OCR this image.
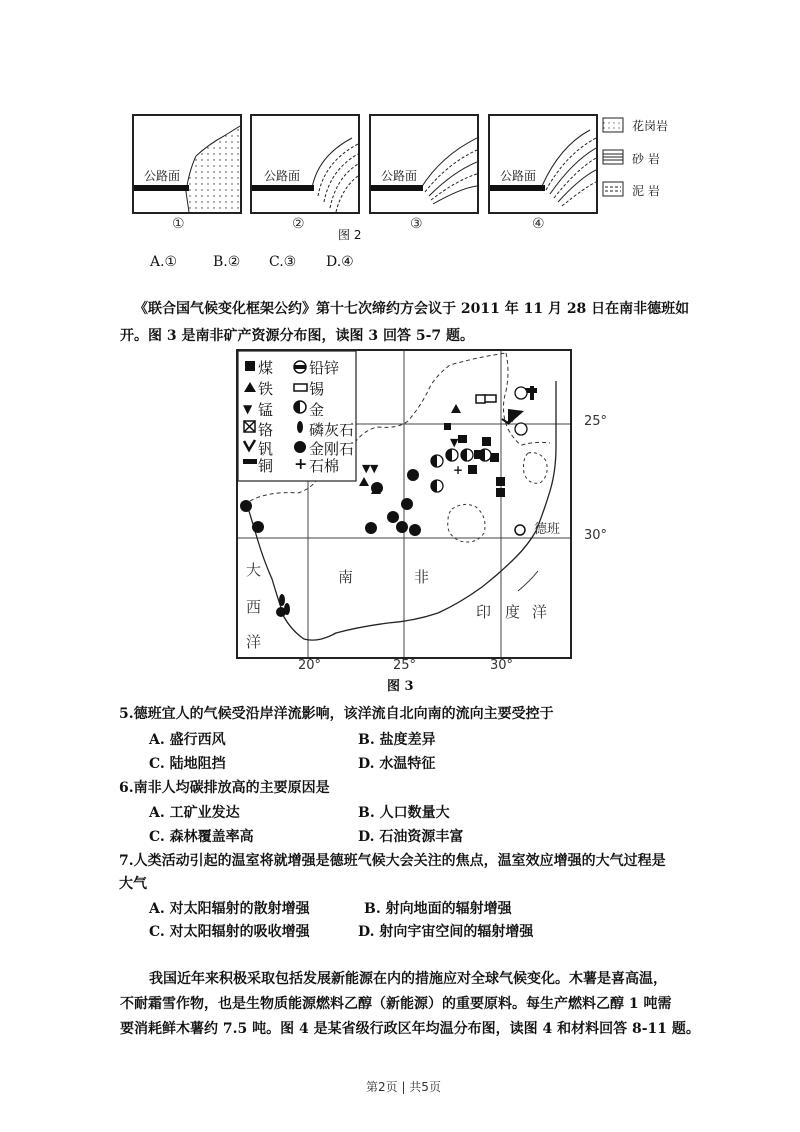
公路面	公路面	公路面	公路面
①	②	③	④
图 2
花岗岩
砂 岩
泥 岩
A.①	B.② C.③ D.④
《联合国气候变化框架公约》第十七次缔约方会议于 2011 年 11 月 28 日在南非德班如
开。图 3 是南非矿产资源分布图，读图 3 回答 5-7 题。
+
▼ ▼
▼
▼
▼
+
煤
铁
锰
铬
钒
铜
铅锌
锡
金
磷灰石
金刚石
石棉
德班
南	非
大
西
洋
印 度 洋
25°
30°
20°	25°	30°
图 3
5.德班宜人的气候受沿岸洋流影响，该洋流自北向南的流向主要受控于
A. 盛行西风	B. 盐度差异
C. 陆地阻挡	D. 水温特征
6.南非人均碳排放高的主要原因是
A. 工矿业发达	B. 人口数量大
C. 森林覆盖率高	D. 石油资源丰富
7.人类活动引起的温室将就增强是德班气候大会关注的焦点，温室效应增强的大气过程是
大气
A. 对太阳辐射的散射增强	B. 射向地面的辐射增强
C. 对太阳辐射的吸收增强	D. 射向宇宙空间的辐射增强
我国近年来积极采取包括发展新能源在内的措施应对全球气候变化。木薯是喜高温，
不耐霜雪作物，也是生物质能源燃料乙醇（新能源）的重要原料。每生产燃料乙醇 1 吨需
要消耗鲜木薯约 7.5 吨。图 4 是某省级行政区年均温分布图，读图 4 和材料回答 8-11 题。
第2页 | 共5页
